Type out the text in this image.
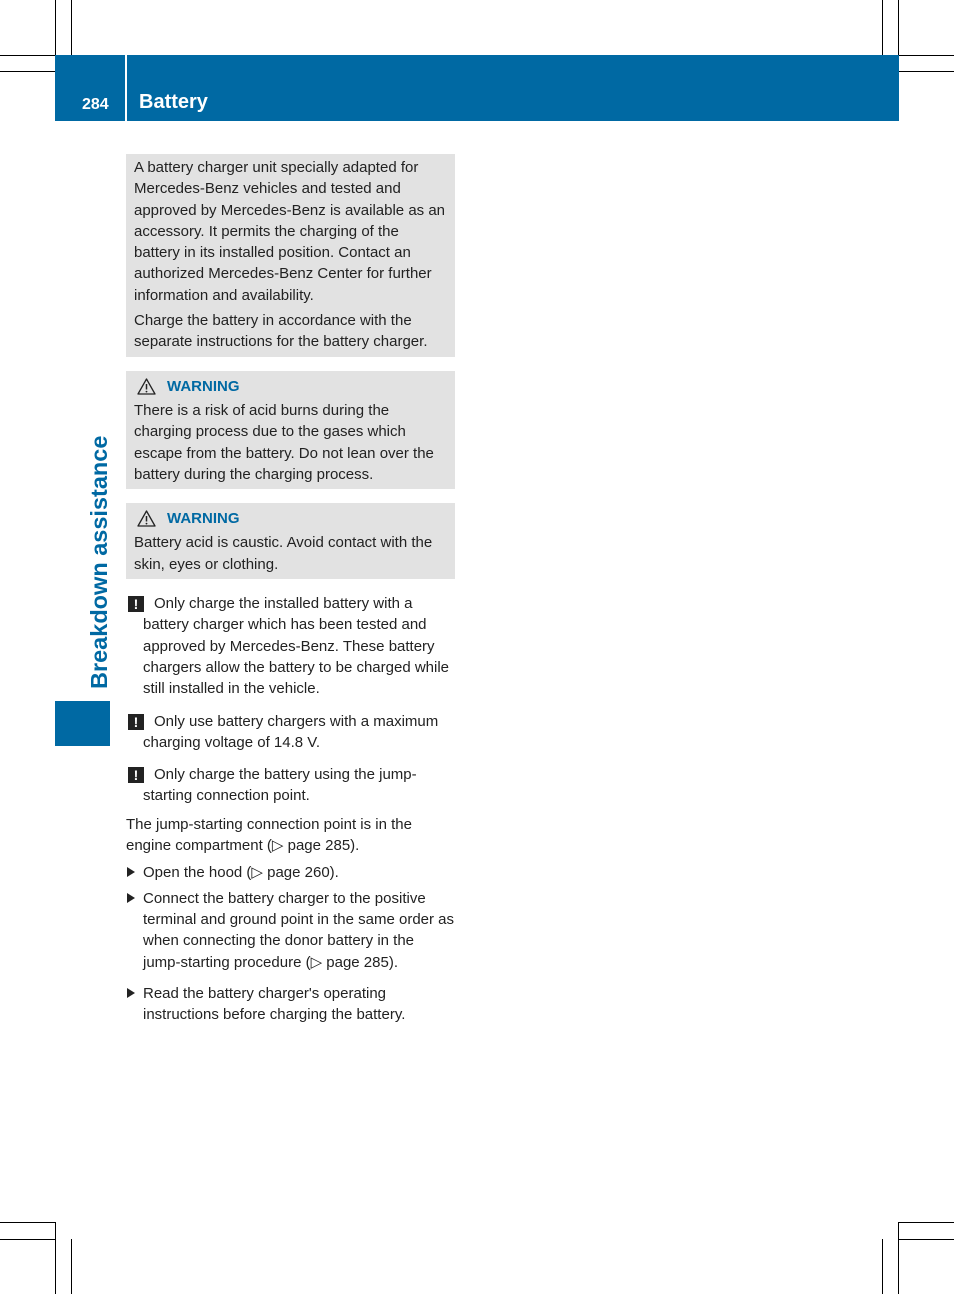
284 Battery
Breakdown assistance

A battery charger unit specially adapted for Mercedes-Benz vehicles and tested and approved by Mercedes-Benz is available as an accessory. It permits the charging of the battery in its installed position. Contact an authorized Mercedes-Benz Center for further information and availability.

Charge the battery in accordance with the separate instructions for the battery charger.

WARNING

There is a risk of acid burns during the charging process due to the gases which escape from the battery. Do not lean over the battery during the charging process.

WARNING

Battery acid is caustic. Avoid contact with the skin, eyes or clothing.

!	Only charge the installed battery with a battery charger which has been tested and approved by Mercedes-Benz. These battery chargers allow the battery to be charged while still installed in the vehicle.

!	Only use battery chargers with a maximum charging voltage of 14.8 V.

!	Only charge the battery using the jump-starting connection point.

The jump-starting connection point is in the engine compartment (▷ page 285).

Open the hood (▷ page 260).

Connect the battery charger to the positive terminal and ground point in the same order as when connecting the donor battery in the jump-starting procedure (▷ page 285).

Read the battery charger's operating instructions before charging the battery.
